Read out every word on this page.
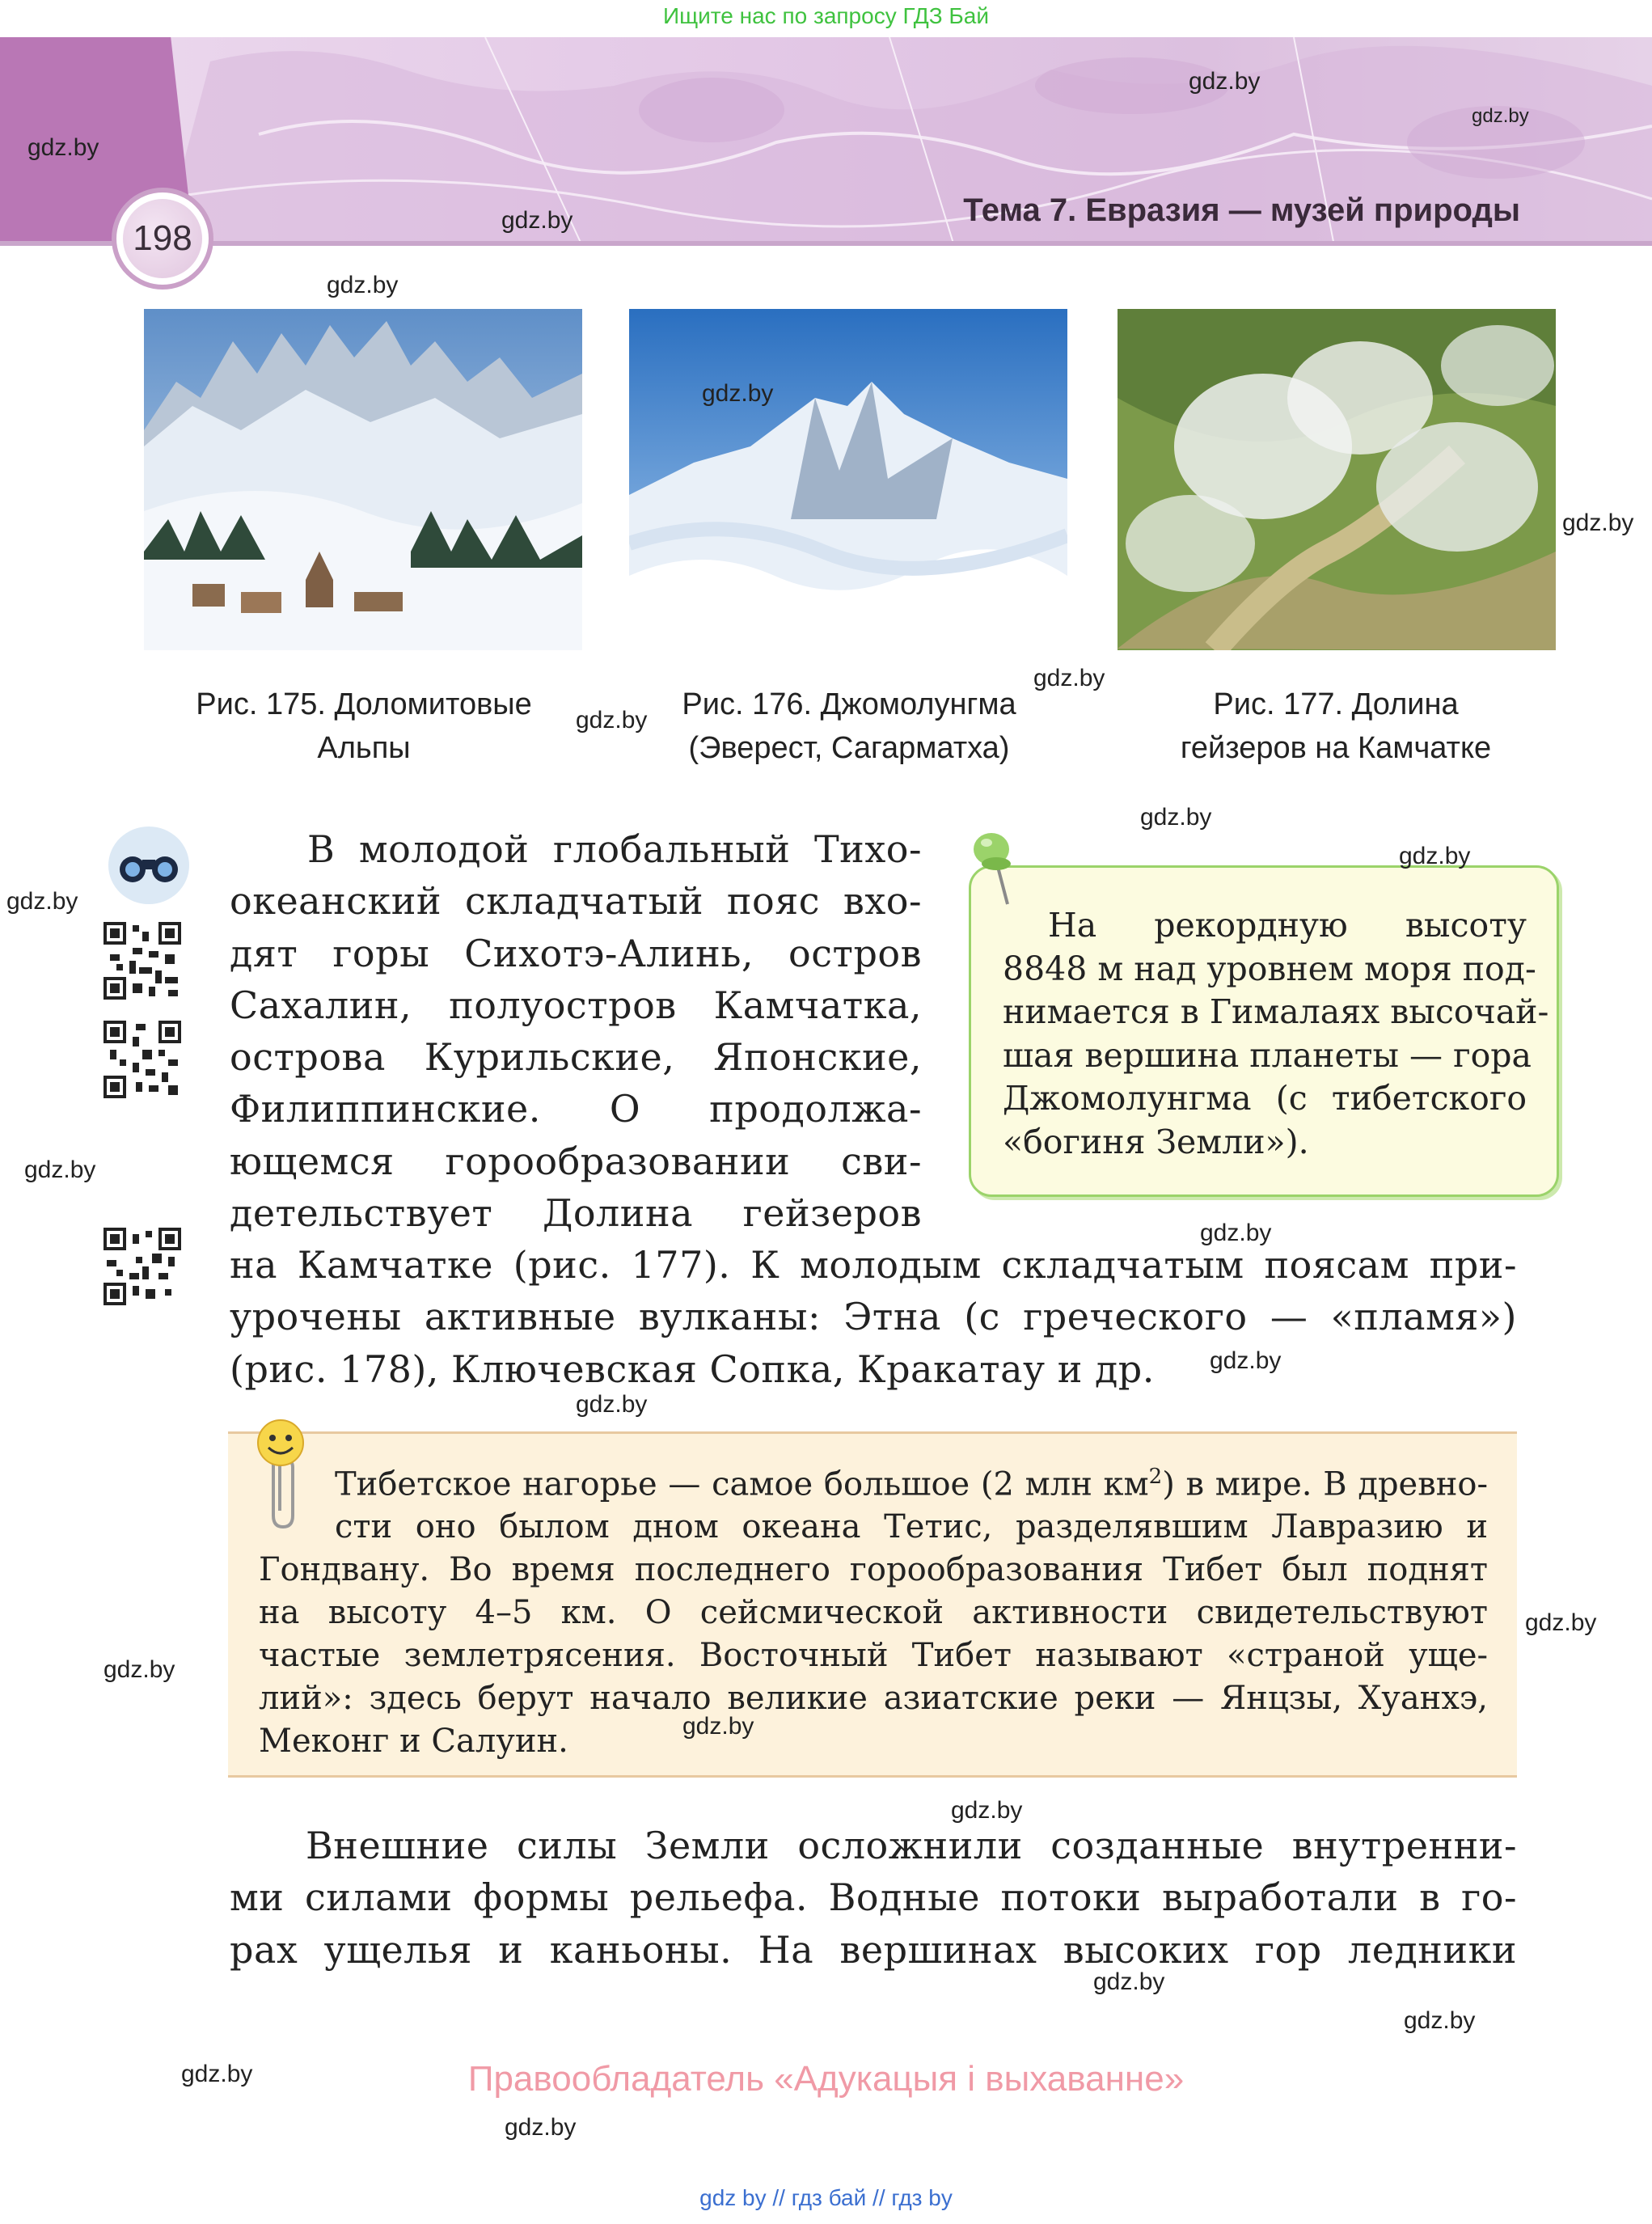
Ищите нас по запросу ГДЗ Бай
198
Тема 7. Евразия — музей природы
gdz.by
gdz.by
gdz.by
gdz.by
gdz.by
gdz.by
gdz.by
gdz.by
gdz.by
Рис. 175. Доломитовые
Альпы
Рис. 176. Джомолунгма
(Эверест, Сагарматха)
Рис. 177. Долина
гейзеров на Камчатке
gdz.by
gdz.by
В молодой глобальный Тихо-
океанский складчатый пояс вхо-
дят горы Сихотэ-Алинь, остров
Сахалин, полуостров Камчатка,
острова Курильские, Японские,
Филиппинские. О продолжа-
ющемся горообразовании сви-
детельствует Долина гейзеров
на Камчатке (рис. 177). К молодым складчатым поясам при-
урочены активные вулканы: Этна (с греческого — «пламя»)
(рис. 178), Ключевская Сопка, Кракатау и др.
На рекордную высоту
8848 м над уровнем моря под-
нимается в Гималаях высочай-
шая вершина планеты — гора
Джомолунгма (с тибетского
«богиня Земли»).
gdz.by
gdz.by
gdz.by
gdz.by
gdz.by
Тибетское нагорье — самое большое (2 млн $км^2$) в мире. В древно-
сти оно былом дном океана Тетис, разделявшим Лавразию и
Гондвану. Во время последнего горообразования Тибет был поднят
на высоту 4–5 км. О сейсмической активности свидетельствуют
частые землетрясения. Восточный Тибет называют «страной уще-
лий»: здесь берут начало великие азиатские реки — Янцзы, Хуанхэ,
Меконг и Салуин.
gdz.by
gdz.by
gdz.by
gdz.by
Внешние силы Земли осложнили созданные внутренни-
ми силами формы рельефа. Водные потоки выработали в го-
рах ущелья и каньоны. На вершинах высоких гор ледники
gdz.by
gdz.by
gdz.by
gdz.by
Правообладатель «Адукацыя і выхаванне»
gdz by // гдз бай // гдз by
